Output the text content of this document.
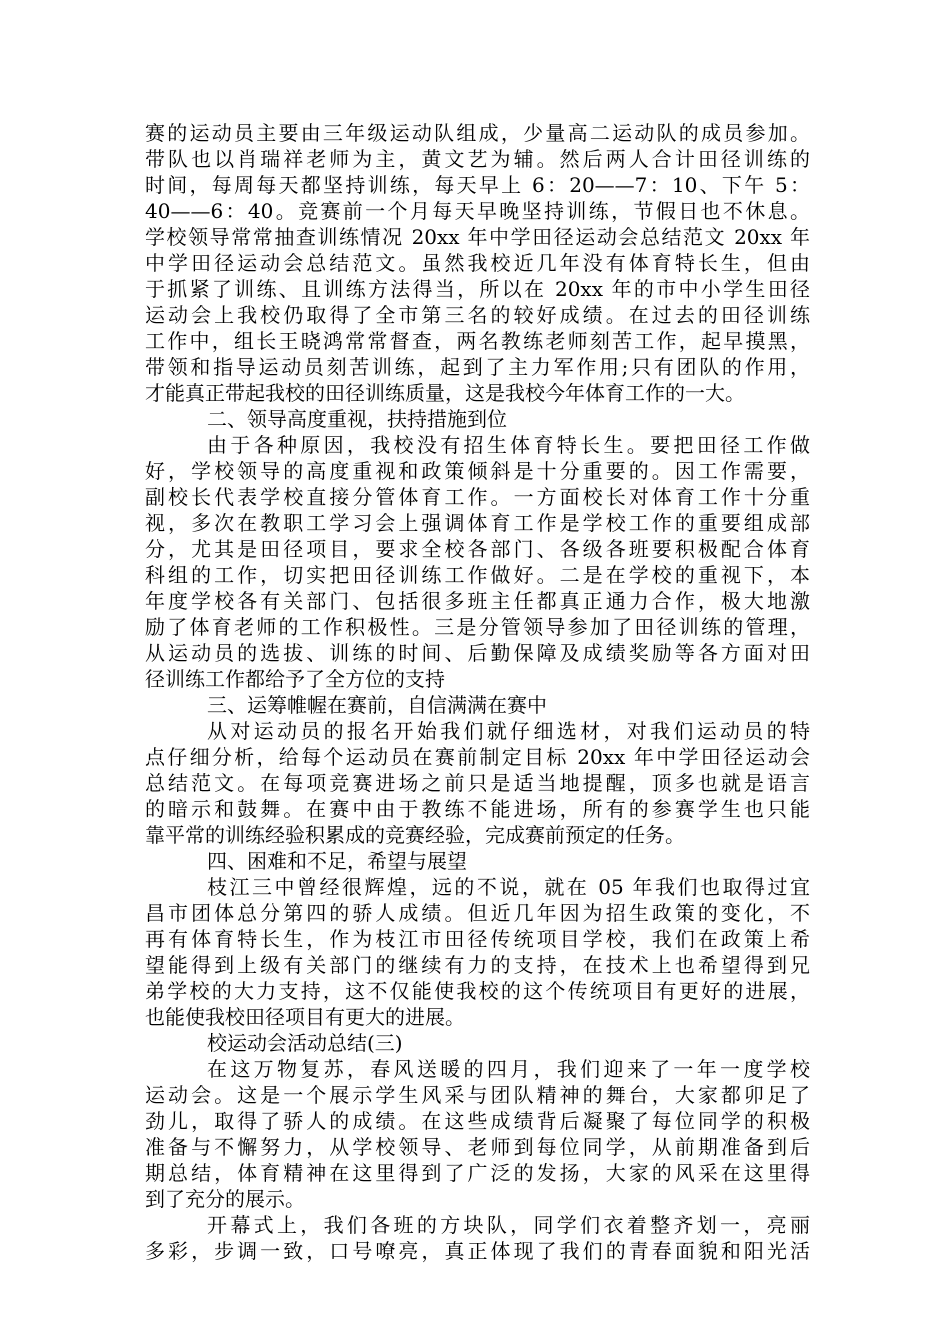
赛的运动员主要由三年级运动队组成，少量高二运动队的成员参加。
带队也以肖瑞祥老师为主，黄文艺为辅。然后两人合计田径训练的
时间，每周每天都坚持训练，每天早上 6：20——7：10、下午 5：
40——6：40。竞赛前一个月每天早晚坚持训练，节假日也不休息。
学校领导常常抽查训练情况 20xx 年中学田径运动会总结范文 20xx 年
中学田径运动会总结范文。虽然我校近几年没有体育特长生，但由
于抓紧了训练、且训练方法得当，所以在 20xx 年的市中小学生田径
运动会上我校仍取得了全市第三名的较好成绩。在过去的田径训练
工作中，组长王晓鸿常常督查，两名教练老师刻苦工作，起早摸黑，
带领和指导运动员刻苦训练，起到了主力军作用;只有团队的作用，
才能真正带起我校的田径训练质量，这是我校今年体育工作的一大。
二、领导高度重视，扶持措施到位
由于各种原因，我校没有招生体育特长生。要把田径工作做
好，学校领导的高度重视和政策倾斜是十分重要的。因工作需要，
副校长代表学校直接分管体育工作。一方面校长对体育工作十分重
视，多次在教职工学习会上强调体育工作是学校工作的重要组成部
分，尤其是田径项目，要求全校各部门、各级各班要积极配合体育
科组的工作，切实把田径训练工作做好。二是在学校的重视下，本
年度学校各有关部门、包括很多班主任都真正通力合作，极大地激
励了体育老师的工作积极性。三是分管领导参加了田径训练的管理，
从运动员的选拔、训练的时间、后勤保障及成绩奖励等各方面对田
径训练工作都给予了全方位的支持
三、运筹帷幄在赛前，自信满满在赛中
从对运动员的报名开始我们就仔细选材，对我们运动员的特
点仔细分析，给每个运动员在赛前制定目标 20xx 年中学田径运动会
总结范文。在每项竞赛进场之前只是适当地提醒，顶多也就是语言
的暗示和鼓舞。在赛中由于教练不能进场，所有的参赛学生也只能
靠平常的训练经验积累成的竞赛经验，完成赛前预定的任务。
四、困难和不足，希望与展望
枝江三中曾经很辉煌，远的不说，就在 05 年我们也取得过宜
昌市团体总分第四的骄人成绩。但近几年因为招生政策的变化，不
再有体育特长生，作为枝江市田径传统项目学校，我们在政策上希
望能得到上级有关部门的继续有力的支持，在技术上也希望得到兄
弟学校的大力支持，这不仅能使我校的这个传统项目有更好的进展，
也能使我校田径项目有更大的进展。
校运动会活动总结(三)
在这万物复苏，春风送暖的四月，我们迎来了一年一度学校
运动会。这是一个展示学生风采与团队精神的舞台，大家都卯足了
劲儿，取得了骄人的成绩。在这些成绩背后凝聚了每位同学的积极
准备与不懈努力，从学校领导、老师到每位同学，从前期准备到后
期总结，体育精神在这里得到了广泛的发扬，大家的风采在这里得
到了充分的展示。
开幕式上，我们各班的方块队，同学们衣着整齐划一，亮丽
多彩，步调一致，口号嘹亮，真正体现了我们的青春面貌和阳光活
